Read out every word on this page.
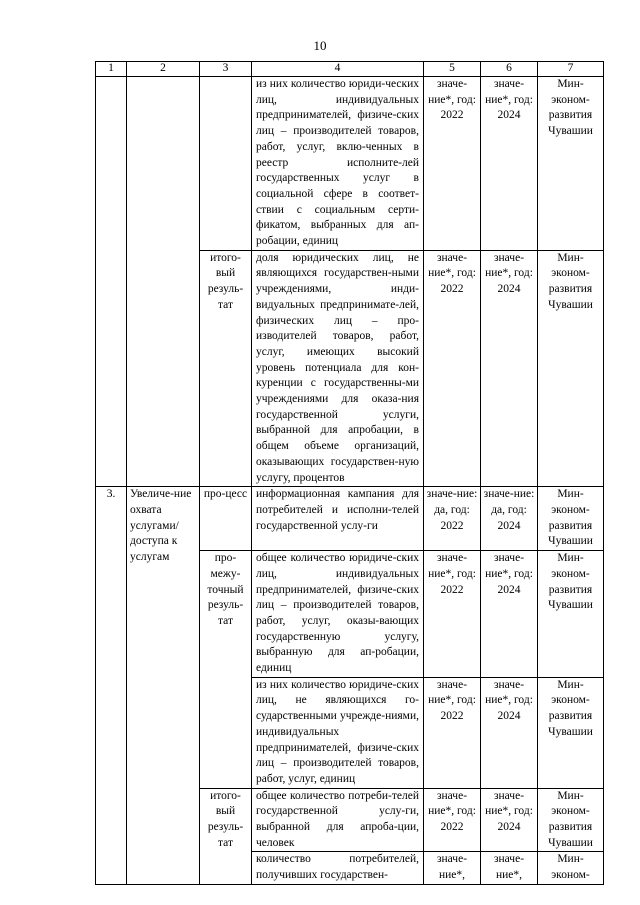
10
1	2	3	4	5	6	7
			из них количество юриди-ческих лиц, индивидуальных предпринимателей, физиче-ских лиц – производителей товаров, работ, услуг, вклю-ченных в реестр исполните-лей государственных услуг в социальной сфере в соответ-ствии с социальным серти-фикатом, выбранных для ап-робации, единиц	значе-ние*, год: 2022	значе-ние*, год: 2024	Мин-эконом-развития Чувашии
		итого-вый резуль-тат	доля юридических лиц, не являющихся государствен-ными учреждениями, инди-видуальных предпринимате-лей, физических лиц – про-изводителей товаров, работ, услуг, имеющих высокий уровень потенциала для кон-куренции с государственны-ми учреждениями для оказа-ния государственной услуги, выбранной для апробации, в общем объеме организаций, оказывающих государствен-ную услугу, процентов	значе-ние*, год: 2022	значе-ние*, год: 2024	Мин-эконом-развития Чувашии
3.	Увеличе-ние охвата услугами/ доступа к услугам	про-цесс	информационная кампания для потребителей и исполни-телей государственной услу-ги	значе-ние: да, год: 2022	значе-ние: да, год: 2024	Мин-эконом-развития Чувашии
		про-межу-точный резуль-тат	общее количество юридиче-ских лиц, индивидуальных предпринимателей, физиче-ских лиц – производителей товаров, работ, услуг, оказы-вающих государственную услугу, выбранную для ап-робации, единиц	значе-ние*, год: 2022	значе-ние*, год: 2024	Мин-эконом-развития Чувашии
			из них количество юридиче-ских лиц, не являющихся го-сударственными учрежде-ниями, индивидуальных предпринимателей, физиче-ских лиц – производителей товаров, работ, услуг, единиц	значе-ние*, год: 2022	значе-ние*, год: 2024	Мин-эконом-развития Чувашии
		итого-вый резуль-тат	общее количество потреби-телей государственной услу-ги, выбранной для апроба-ции, человек	значе-ние*, год: 2022	значе-ние*, год: 2024	Мин-эконом-развития Чувашии
			количество потребителей, получивших государствен-	значе-ние*,	значе-ние*,	Мин-эконом-
